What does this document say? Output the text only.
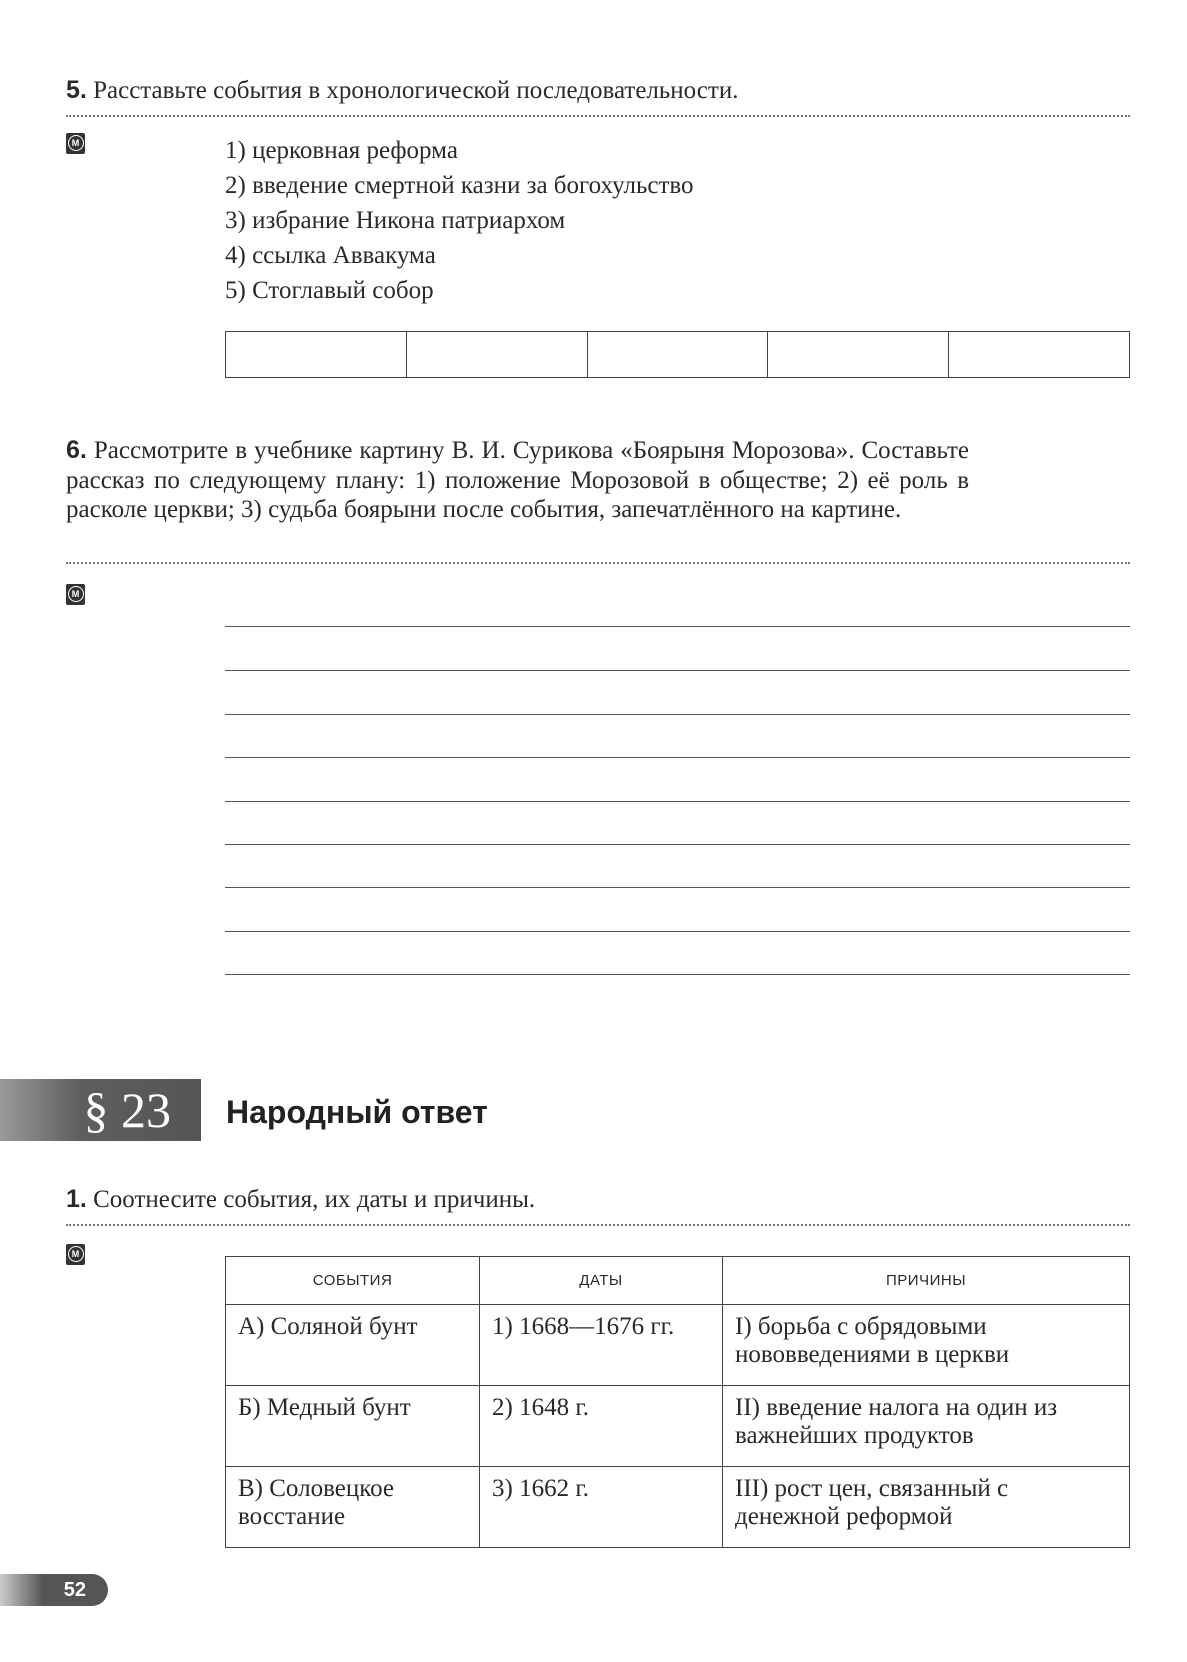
5. Расставьте события в хронологической последовательности.
M	1) церковная реформа
2) введение смертной казни за богохульство
3) избрание Никона патриархом
4) ссылка Аввакума
5) Стоглавый собор
6. Рассмотрите в учебнике картину В. И. Сурикова «Боярыня Морозова». Составьте рассказ по следующему плану: 1) положение Морозовой в обществе; 2) её роль в расколе церкви; 3) судьба боярыни после события, запечатлённого на картине.
M
§ 23	Народный ответ
1. Соотнесите события, их даты и причины.
M
СОБЫТИЯ	ДАТЫ	ПРИЧИНЫ
А) Соляной бунт	1) 1668—1676 гг.	I) борьба с обрядовыми нововведениями в церкви
Б) Медный бунт	2) 1648 г.	II) введение налога на один из важнейших продуктов
В) Соловецкое восстание	3) 1662 г.	III) рост цен, связанный с денежной реформой
52
